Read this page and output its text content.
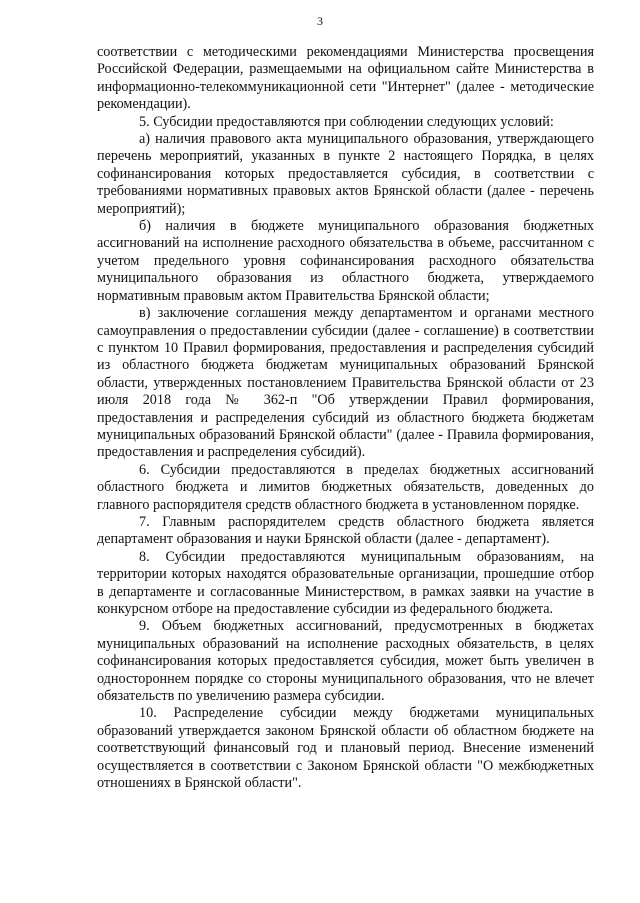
3

соответствии с методическими рекомендациями Министерства просвещения Российской Федерации, размещаемыми на официальном сайте Министерства в информационно-телекоммуникационной сети "Интернет" (далее - методические рекомендации).

5. Субсидии предоставляются при соблюдении следующих условий:

а) наличия правового акта муниципального образования, утверждающего перечень мероприятий, указанных в пункте 2 настоящего Порядка, в целях софинансирования которых предоставляется субсидия, в соответствии с требованиями нормативных правовых актов Брянской области (далее - перечень мероприятий);

б) наличия в бюджете муниципального образования бюджетных ассигнований на исполнение расходного обязательства в объеме, рассчитанном с учетом предельного уровня софинансирования расходного обязательства муниципального образования из областного бюджета, утверждаемого нормативным правовым актом Правительства Брянской области;

в) заключение соглашения между департаментом и органами местного самоуправления о предоставлении субсидии (далее - соглашение) в соответствии с пунктом 10 Правил формирования, предоставления и распределения субсидий из областного бюджета бюджетам муниципальных образований Брянской области, утвержденных постановлением Правительства Брянской области от 23 июля 2018 года № 362-п "Об утверждении Правил формирования, предоставления и распределения субсидий из областного бюджета бюджетам муниципальных образований Брянской области" (далее - Правила формирования, предоставления и распределения субсидий).

6. Субсидии предоставляются в пределах бюджетных ассигнований областного бюджета и лимитов бюджетных обязательств, доведенных до главного распорядителя средств областного бюджета в установленном порядке.

7. Главным распорядителем средств областного бюджета является департамент образования и науки Брянской области (далее - департамент).

8. Субсидии предоставляются муниципальным образованиям, на территории которых находятся образовательные организации, прошедшие отбор в департаменте и согласованные Министерством, в рамках заявки на участие в конкурсном отборе на предоставление субсидии из федерального бюджета.

9. Объем бюджетных ассигнований, предусмотренных в бюджетах муниципальных образований на исполнение расходных обязательств, в целях софинансирования которых предоставляется субсидия, может быть увеличен в одностороннем порядке со стороны муниципального образования, что не влечет обязательств по увеличению размера субсидии.

10. Распределение субсидии между бюджетами муниципальных образований утверждается законом Брянской области об областном бюджете на соответствующий финансовый год и плановый период. Внесение изменений осуществляется в соответствии с Законом Брянской области "О межбюджетных отношениях в Брянской области".
